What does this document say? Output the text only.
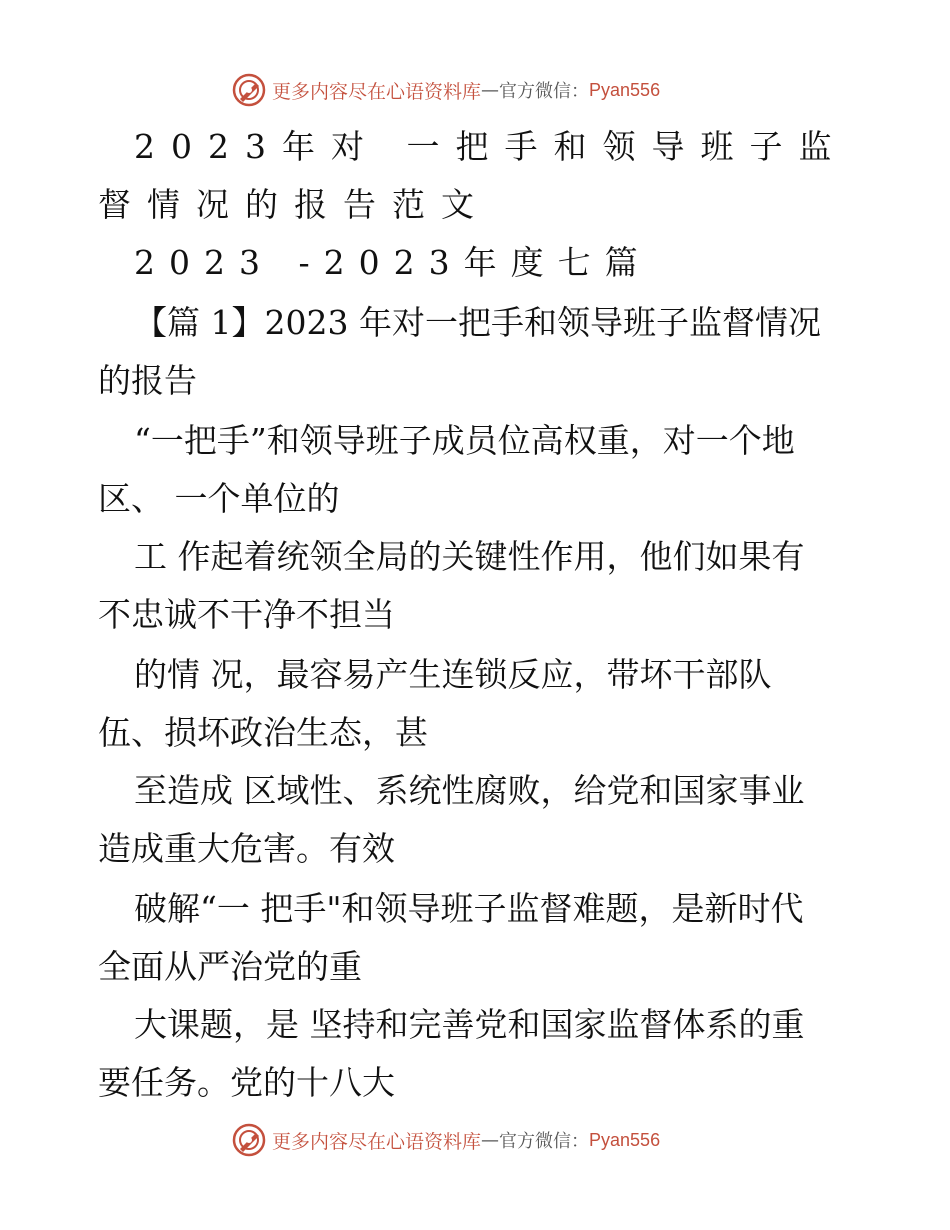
更多内容尽在心语资料库 — 官方微信： Pyan556
2023年对 一把手和领导班子监
督情况的报告范文
2023 -2023年度七篇
【篇 1】2023 年对一把手和领导班子监督情况
的报告
“一把手”和领导班子成员位高权重，对一个地
区、 一个单位的
工 作起着统领全局的关键性作用，他们如果有
不忠诚不干净不担当
的情 况，最容易产生连锁反应，带坏干部队
伍、损坏政治生态，甚
至造成 区域性、系统性腐败，给党和国家事业
造成重大危害。有效
破解“一 把手"和领导班子监督难题，是新时代
全面从严治党的重
大课题，是 坚持和完善党和国家监督体系的重
要任务。党的十八大
更多内容尽在心语资料库 — 官方微信： Pyan556
